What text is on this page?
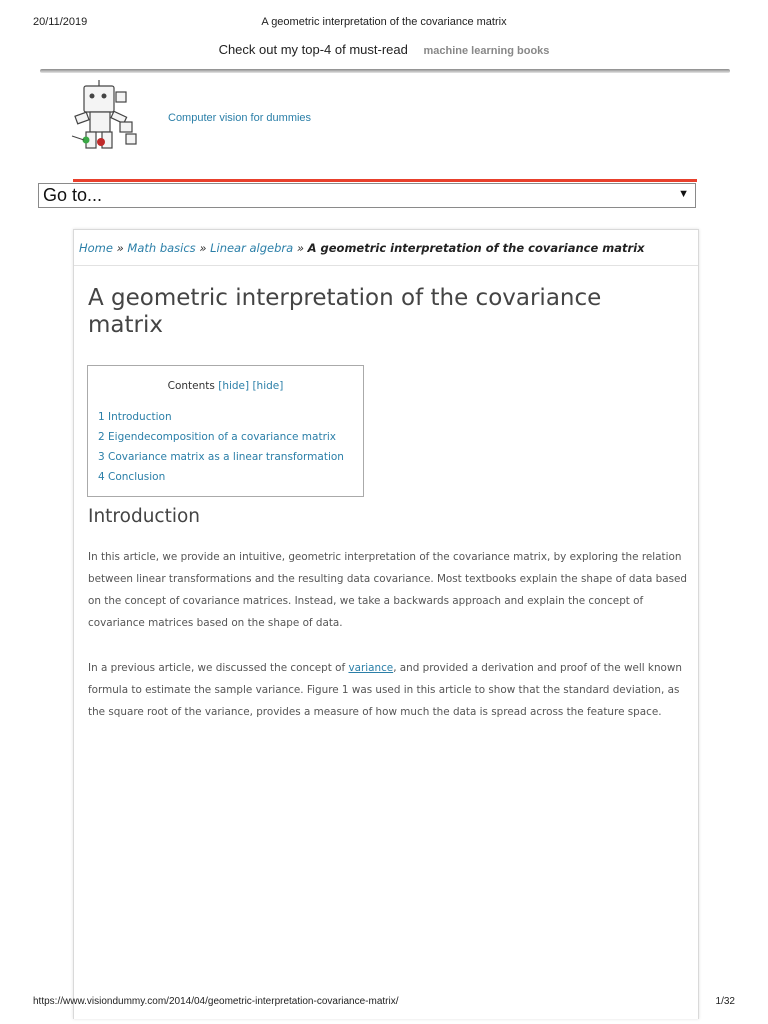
20/11/2019	A geometric interpretation of the covariance matrix
Check out my top-4 of must-read machine learning books
Computer vision for dummies
Go to...	▼
Home » Math basics » Linear algebra » A geometric interpretation of the covariance matrix
A geometric interpretation of the covariance matrix
Contents [hide] [hide]
1 Introduction
2 Eigendecomposition of a covariance matrix
3 Covariance matrix as a linear transformation
4 Conclusion
Introduction

In this article, we provide an intuitive, geometric interpretation of the covariance matrix, by exploring the relation between linear transformations and the resulting data covariance. Most textbooks explain the shape of data based on the concept of covariance matrices. Instead, we take a backwards approach and explain the concept of covariance matrices based on the shape of data.

In a previous article, we discussed the concept of variance, and provided a derivation and proof of the well known formula to estimate the sample variance. Figure 1 was used in this article to show that the standard deviation, as the square root of the variance, provides a measure of how much the data is spread across the feature space.

https://www.visiondummy.com/2014/04/geometric-interpretation-covariance-matrix/	1/32
